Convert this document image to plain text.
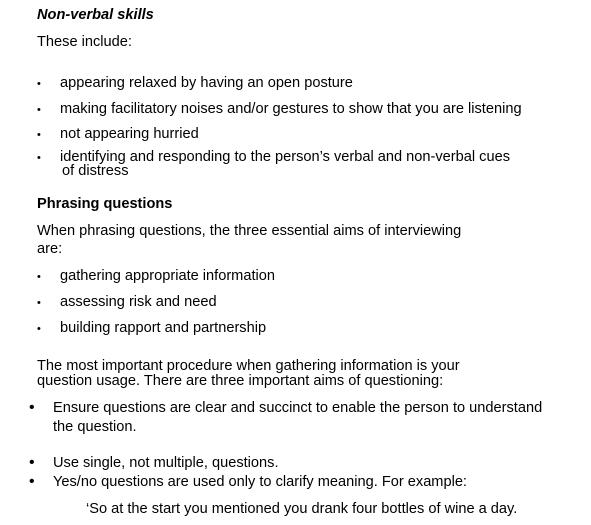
Non-verbal skills
These include:
• appearing relaxed by having an open posture
• making facilitatory noises and/or gestures to show that you are listening
• not appearing hurried
• identifying and responding to the person’s verbal and non-verbal cues
of distress
Phrasing questions
When phrasing questions, the three essential aims of interviewing
are:
• gathering appropriate information
• assessing risk and need
• building rapport and partnership
The most important procedure when gathering information is your
question usage. There are three important aims of questioning:
• Ensure questions are clear and succinct to enable the person to understand
the question.
• Use single, not multiple, questions.
• Yes/no questions are used only to clarify meaning. For example:
‘So at the start you mentioned you drank four bottles of wine a day.
